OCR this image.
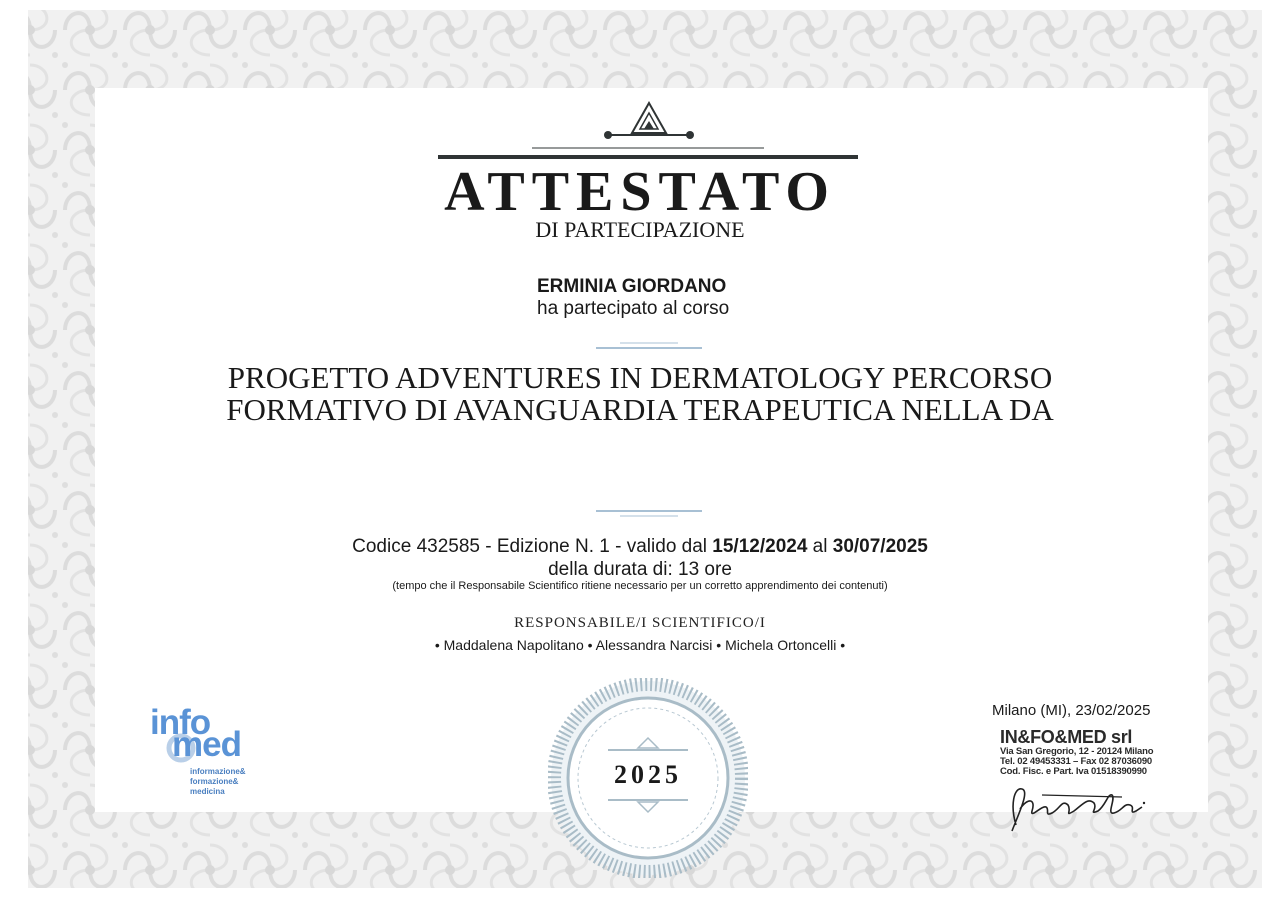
ATTESTATO
DI PARTECIPAZIONE
ERMINIA GIORDANO
ha partecipato al corso
PROGETTO ADVENTURES IN DERMATOLOGY PERCORSO
FORMATIVO DI AVANGUARDIA TERAPEUTICA NELLA DA
Codice 432585 - Edizione N. 1 - valido dal 15/12/2024 al 30/07/2025
della durata di: 13 ore
(tempo che il Responsabile Scientifico ritiene necessario per un corretto apprendimento dei contenuti)
RESPONSABILE/I SCIENTIFICO/I
• Maddalena Napolitano • Alessandra Narcisi • Michela Ortoncelli •
info
med
informazione&
formazione&
medicina
2025
Milano (MI), 23/02/2025
IN&FO&MED srl
Via San Gregorio, 12 - 20124 Milano
Tel. 02 49453331 – Fax 02 87036090
Cod. Fisc. e Part. Iva 01518390990
